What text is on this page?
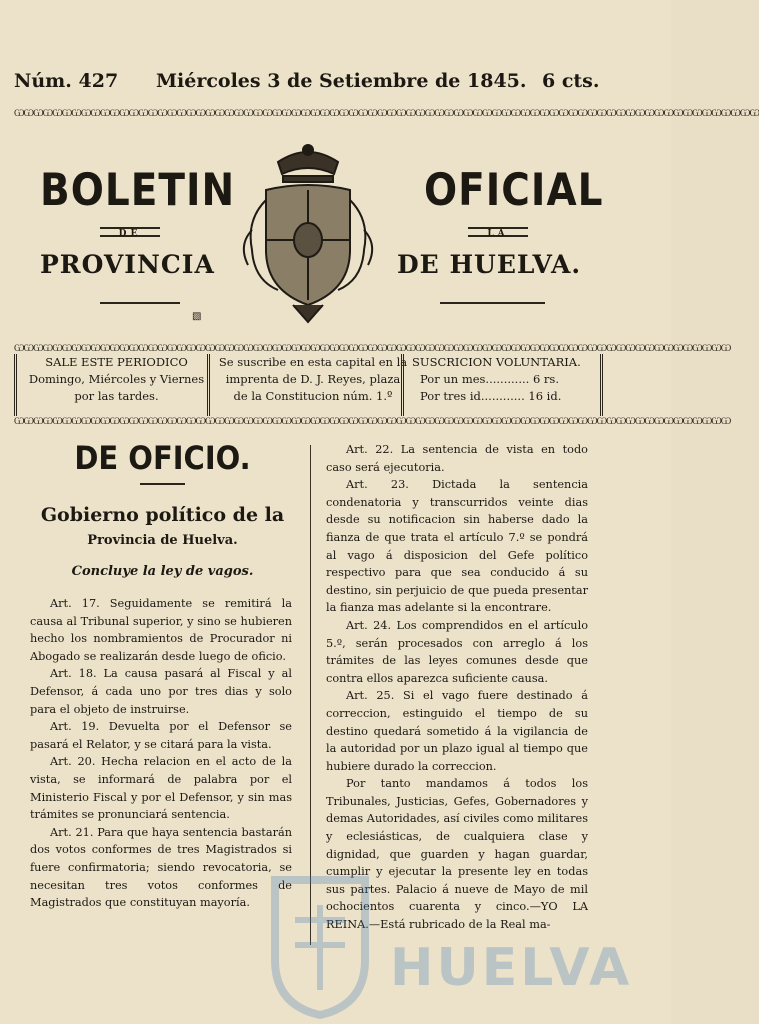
Núm. 427 Miércoles 3 de Setiembre de 1845. 6 cts.
ѠѠѠѠѠѠѠѠѠѠѠѠѠѠѠѠѠѠѠѠѠѠѠѠѠѠѠѠѠѠѠѠѠѠѠѠѠѠѠѠѠѠѠѠѠѠѠѠѠѠѠѠѠѠѠѠѠѠѠѠѠѠѠѠѠѠѠѠѠѠѠѠѠѠѠѠѠѠ
BOLETIN
DE
PROVINCIA
OFICIAL
LA
DE HUELVA.
▧
ѠѠѠѠѠѠѠѠѠѠѠѠѠѠѠѠѠѠѠѠѠѠѠѠѠѠѠѠѠѠѠѠѠѠѠѠѠѠѠѠѠѠѠѠѠѠѠѠѠѠѠѠѠѠѠѠѠѠѠѠѠѠѠѠѠѠѠѠѠѠѠѠѠѠѠ
SALE ESTE PERIODICO
Domingo, Miércoles y Viernes
por las tardes.
Se suscribe en esta capital en la
imprenta de D. J. Reyes, plaza
de la Constitucion núm. 1.º
SUSCRICION VOLUNTARIA.
Por un mes............ 6 rs.
Por tres id............ 16 id.
ѠѠѠѠѠѠѠѠѠѠѠѠѠѠѠѠѠѠѠѠѠѠѠѠѠѠѠѠѠѠѠѠѠѠѠѠѠѠѠѠѠѠѠѠѠѠѠѠѠѠѠѠѠѠѠѠѠѠѠѠѠѠѠѠѠѠѠѠѠѠѠѠѠѠѠ
DE OFICIO.
Gobierno político de la
Provincia de Huelva.
Concluye la ley de vagos.

Art. 17. Seguidamente se remitirá la causa al Tribunal superior, y sino se hubieren hecho los nombramientos de Procurador ni Abogado se realizarán desde luego de oficio.

Art. 18. La causa pasará al Fiscal y al Defensor, á cada uno por tres dias y solo para el objeto de instruirse.

Art. 19. Devuelta por el Defensor se pasará el Relator, y se citará para la vista.

Art. 20. Hecha relacion en el acto de la vista, se informará de palabra por el Ministerio Fiscal y por el Defensor, y sin mas trámites se pronunciará sentencia.

Art. 21. Para que haya sentencia bastarán dos votos conformes de tres Magistrados si fuere confirmatoria; siendo revocatoria, se necesitan tres votos conformes de Magistrados que constituyan mayoría.

Art. 22. La sentencia de vista en todo caso será ejecutoria.

Art. 23. Dictada la sentencia condenatoria y transcurridos veinte dias desde su notificacion sin haberse dado la fianza de que trata el artículo 7.º se pondrá al vago á disposicion del Gefe político respectivo para que sea conducido á su destino, sin perjuicio de que pueda presentar la fianza mas adelante si la encontrare.

Art. 24. Los comprendidos en el artículo 5.º, serán procesados con arreglo á los trámites de las leyes comunes desde que contra ellos aparezca suficiente causa.

Art. 25. Si el vago fuere destinado á correccion, estinguido el tiempo de su destino quedará sometido á la vigilancia de la autoridad por un plazo igual al tiempo que hubiere durado la correccion.

Por tanto mandamos á todos los Tribunales, Justicias, Gefes, Gobernadores y demas Autoridades, así civiles como militares y eclesiásticas, de cualquiera clase y dignidad, que guarden y hagan guardar, cumplir y ejecutar la presente ley en todas sus partes. Palacio á nueve de Mayo de mil ochocientos cuarenta y cinco.—YO LA REINA.—Está rubricado de la Real ma-

HUELVA
